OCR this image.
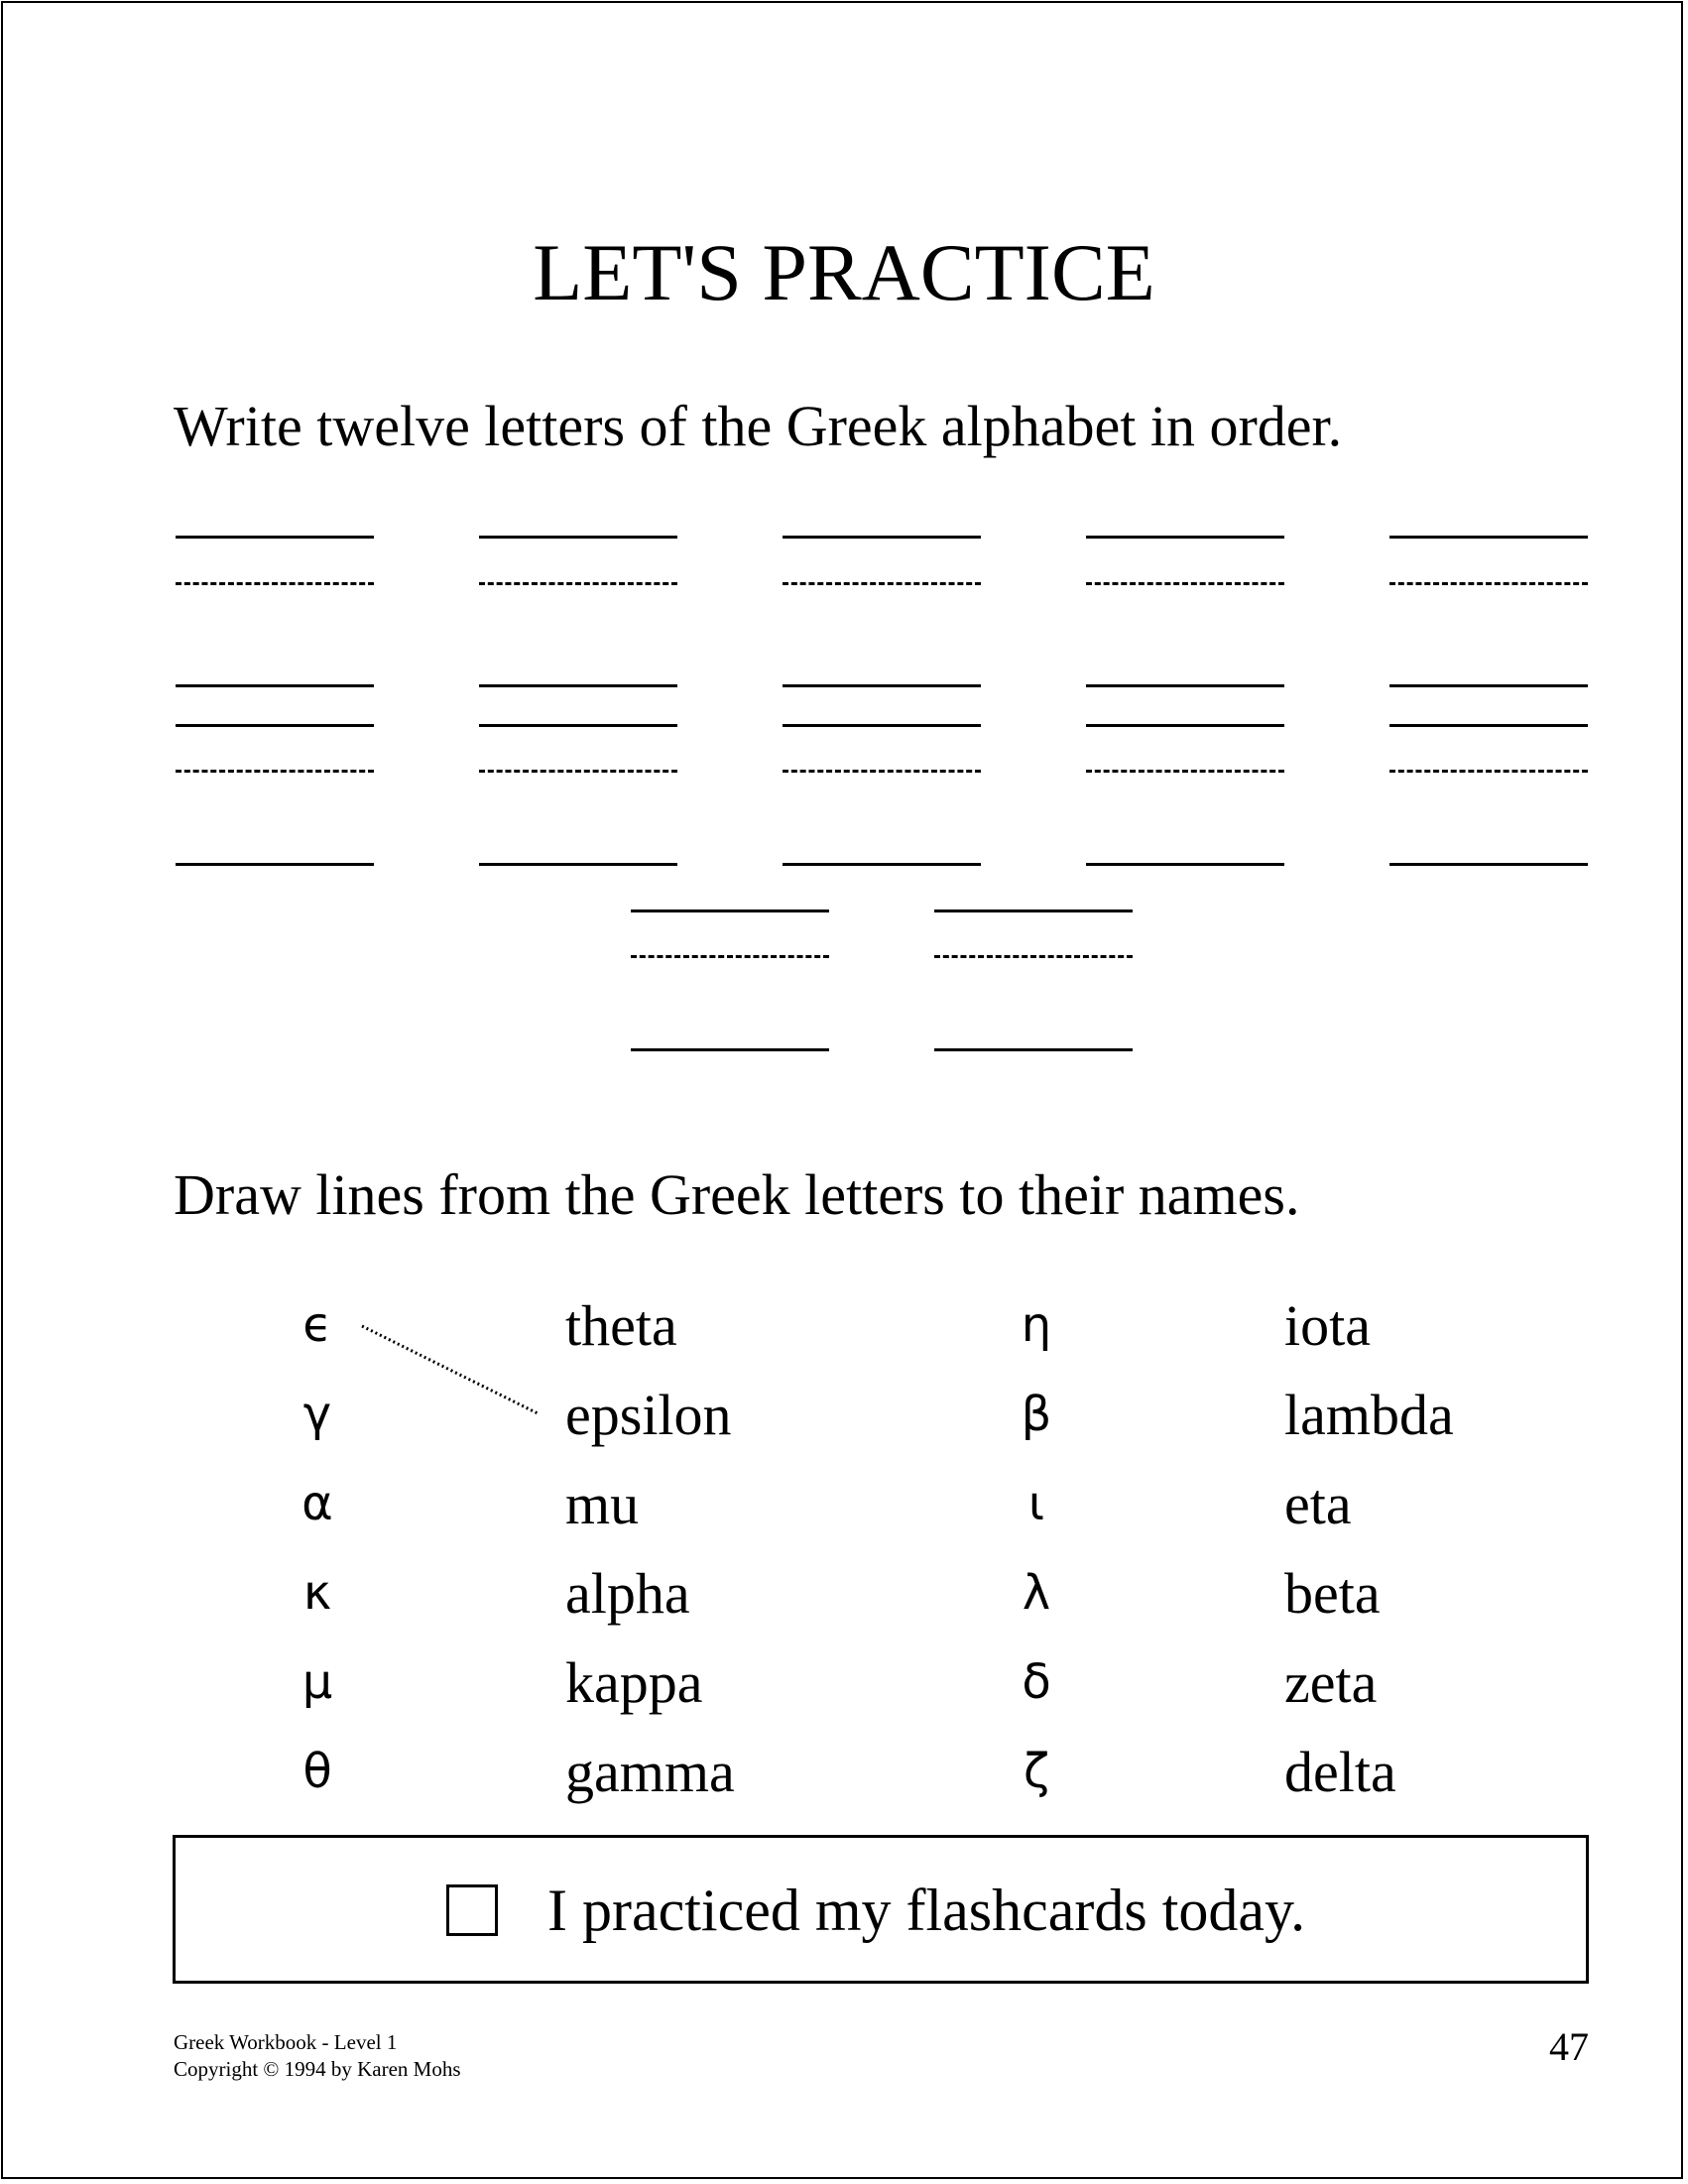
LET'S PRACTICE
Write twelve letters of the Greek alphabet in order.
Draw lines from the Greek letters to their names.
ϵ	theta	η	iota
γ	epsilon	β	lambda
α	mu	ι	eta
κ	alpha	λ	beta
μ	kappa	δ	zeta
θ	gamma	ζ	delta
I practiced my flashcards today.
Greek Workbook - Level 1
Copyright © 1994 by Karen Mohs	47
